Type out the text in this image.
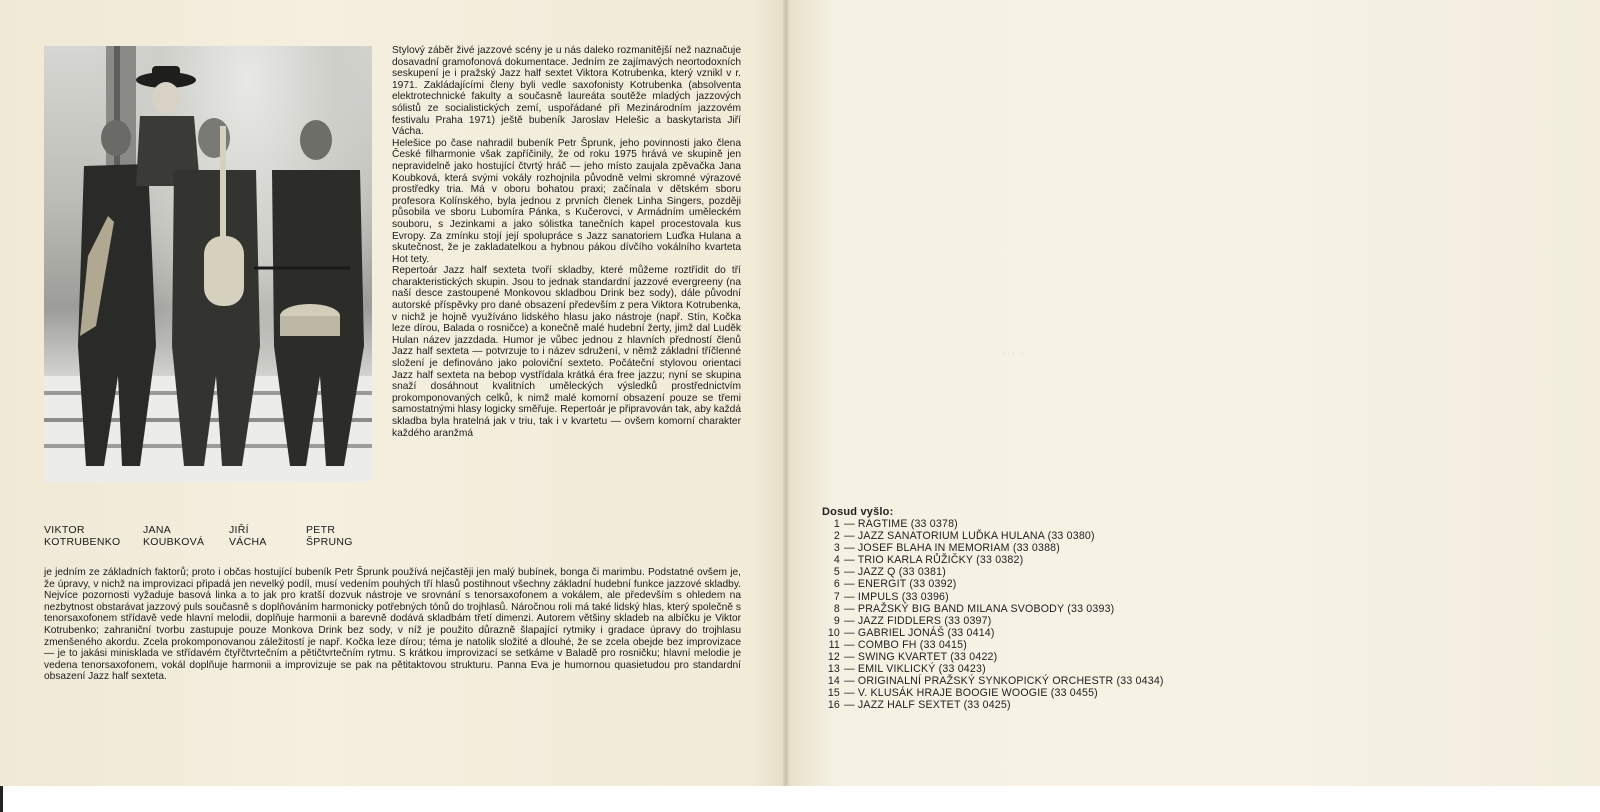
VIKTOR
KOTRUBENKO
JANA
KOUBKOVÁ
JIŘÍ
VÁCHA
PETR
ŠPRUNG

Stylový záběr živé jazzové scény je u nás daleko rozmanitější než naznačuje dosavadní gramofonová dokumentace. Jedním ze zajímavých neortodoxních seskupení je i pražský Jazz half sextet Viktora Kotrubenka, který vznikl v r. 1971. Zakládajícími členy byli vedle saxofonisty Kotrubenka (absolventa elektrotechnické fakulty a současně laureáta soutěže mladých jazzových sólistů ze socialistických zemí, uspořádané při Mezinárodním jazzovém festivalu Praha 1971) ještě bubeník Jaroslav Helešic a baskytarista Jiří Vácha.

Helešice po čase nahradil bubeník Petr Šprunk, jeho povinnosti jako člena České filharmonie však zapříčinily, že od roku 1975 hrává ve skupině jen nepravidelně jako hostující čtvrtý hráč — jeho místo zaujala zpěvačka Jana Koubková, která svými vokály rozhojnila původně velmi skromné výrazové prostředky tria. Má v oboru bohatou praxi; začínala v dětském sboru profesora Kolínského, byla jednou z prvních členek Linha Singers, později působila ve sboru Lubomíra Pánka, s Kučerovci, v Armádním uměleckém souboru, s Jezinkami a jako sólistka tanečních kapel procestovala kus Evropy. Za zmínku stojí její spolupráce s Jazz sanatoriem Luďka Hulana a skutečnost, že je zakladatelkou a hybnou pákou dívčího vokálního kvarteta Hot tety.

Repertoár Jazz half sexteta tvoří skladby, které můžeme roztřídit do tří charakteristických skupin. Jsou to jednak standardní jazzové evergreeny (na naší desce zastoupené Monkovou skladbou Drink bez sody), dále původní autorské příspěvky pro dané obsazení především z pera Viktora Kotrubenka, v nichž je hojně využíváno lidského hlasu jako nástroje (např. Stín, Kočka leze dírou, Balada o rosničce) a konečně malé hudební žerty, jimž dal Luděk Hulan název jazzdada. Humor je vůbec jednou z hlavních předností členů Jazz half sexteta — potvrzuje to i název sdružení, v němž základní tříčlenné složení je definováno jako poloviční sexteto. Počáteční stylovou orientaci Jazz half sexteta na bebop vystřídala krátká éra free jazzu; nyní se skupina snaží dosáhnout kvalitních uměleckých výsledků prostřednictvím prokomponovaných celků, k nimž malé komorní obsazení pouze se třemi samostatnými hlasy logicky směřuje. Repertoár je připravován tak, aby každá skladba byla hratelná jak v triu, tak i v kvartetu — ovšem komorní charakter každého aranžmá

je jedním ze základních faktorů; proto i občas hostující bubeník Petr Šprunk používá nejčastěji jen malý bubínek, bonga či marimbu. Podstatné ovšem je, že úpravy, v nichž na improvizaci připadá jen nevelký podíl, musí vedením pouhých tří hlasů postihnout všechny základní hudební funkce jazzové skladby. Nejvíce pozornosti vyžaduje basová linka a to jak pro kratší dozvuk nástroje ve srovnání s tenorsaxofonem a vokálem, ale především s ohledem na nezbytnost obstarávat jazzový puls současně s doplňováním harmonicky potřebných tónů do trojhlasů. Náročnou roli má také lidský hlas, který společně s tenorsaxofonem střídavě vede hlavní melodii, doplňuje harmonii a barevně dodává skladbám třetí dimenzi. Autorem většiny skladeb na albíčku je Viktor Kotrubenko; zahraniční tvorbu zastupuje pouze Monkova Drink bez sody, v níž je použito důrazně šlapající rytmiky i gradace úpravy do trojhlasu zmenšeného akordu. Zcela prokomponovanou záležitostí je např. Kočka leze dírou; téma je natolik složité a dlouhé, že se zcela obejde bez improvizace — je to jakási minisklada ve střídavém čtyřčtvrtečním a pětičtvrtečním rytmu. S krátkou improvizací se setkáme v Baladě pro rosničku; hlavní melodie je vedena tenorsaxofonem, vokál doplňuje harmonii a improvizuje se pak na pětitaktovou strukturu. Panna Eva je humornou quasietudou pro standardní obsazení Jazz half sexteta.

· · ·
Dosud vyšlo:
1 — RAGTIME (33 0378)
2 — JAZZ SANATORIUM LUĎKA HULANA (33 0380)
3 — JOSEF BLAHA IN MEMORIAM (33 0388)
4 — TRIO KARLA RŮŽIČKY (33 0382)
5 — JAZZ Q (33 0381)
6 — ENERGIT (33 0392)
7 — IMPULS (33 0396)
8 — PRAŽSKÝ BIG BAND MILANA SVOBODY (33 0393)
9 — JAZZ FIDDLERS (33 0397)
10 — GABRIEL JONÁŠ (33 0414)
11 — COMBO FH (33 0415)
12 — SWING KVARTET (33 0422)
13 — EMIL VIKLICKÝ (33 0423)
14 — ORIGINALNÍ PRAŽSKÝ SYNKOPICKÝ ORCHESTR (33 0434)
15 — V. KLUSÁK HRAJE BOOGIE WOOGIE (33 0455)
16 — JAZZ HALF SEXTET (33 0425)
